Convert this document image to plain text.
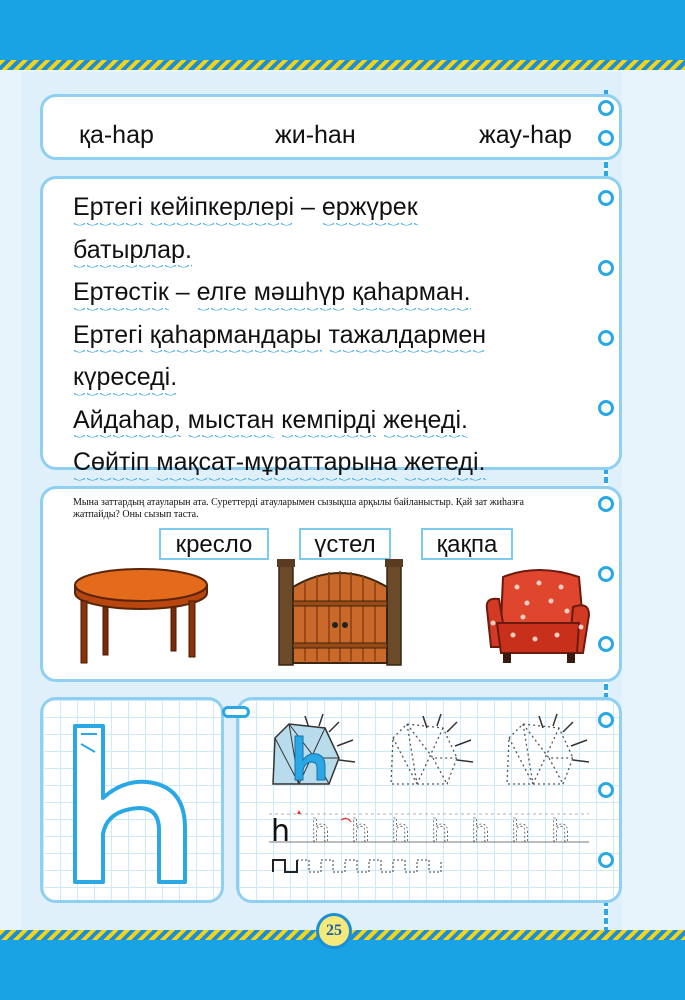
қа-һар	жи-һан	жау-һар
Ертегі кейіпкерлері – ержүрек
батырлар.
Ертөстік – елге мәшһүр қаһарман.
Ертегі қаһармандары тажалдармен
күреседі.
Айдаһар, мыстан кемпірді жеңеді.
Сөйтіп мақсат-мұраттарына жетеді.
Мына заттардың атауларын ата. Суреттерді атауларымен сызықша арқылы байланыстыр. Қай зат жиһазға жатпайды? Оны сызып таста.
кресло	үстел	қақпа
h h h h h h h h
25
